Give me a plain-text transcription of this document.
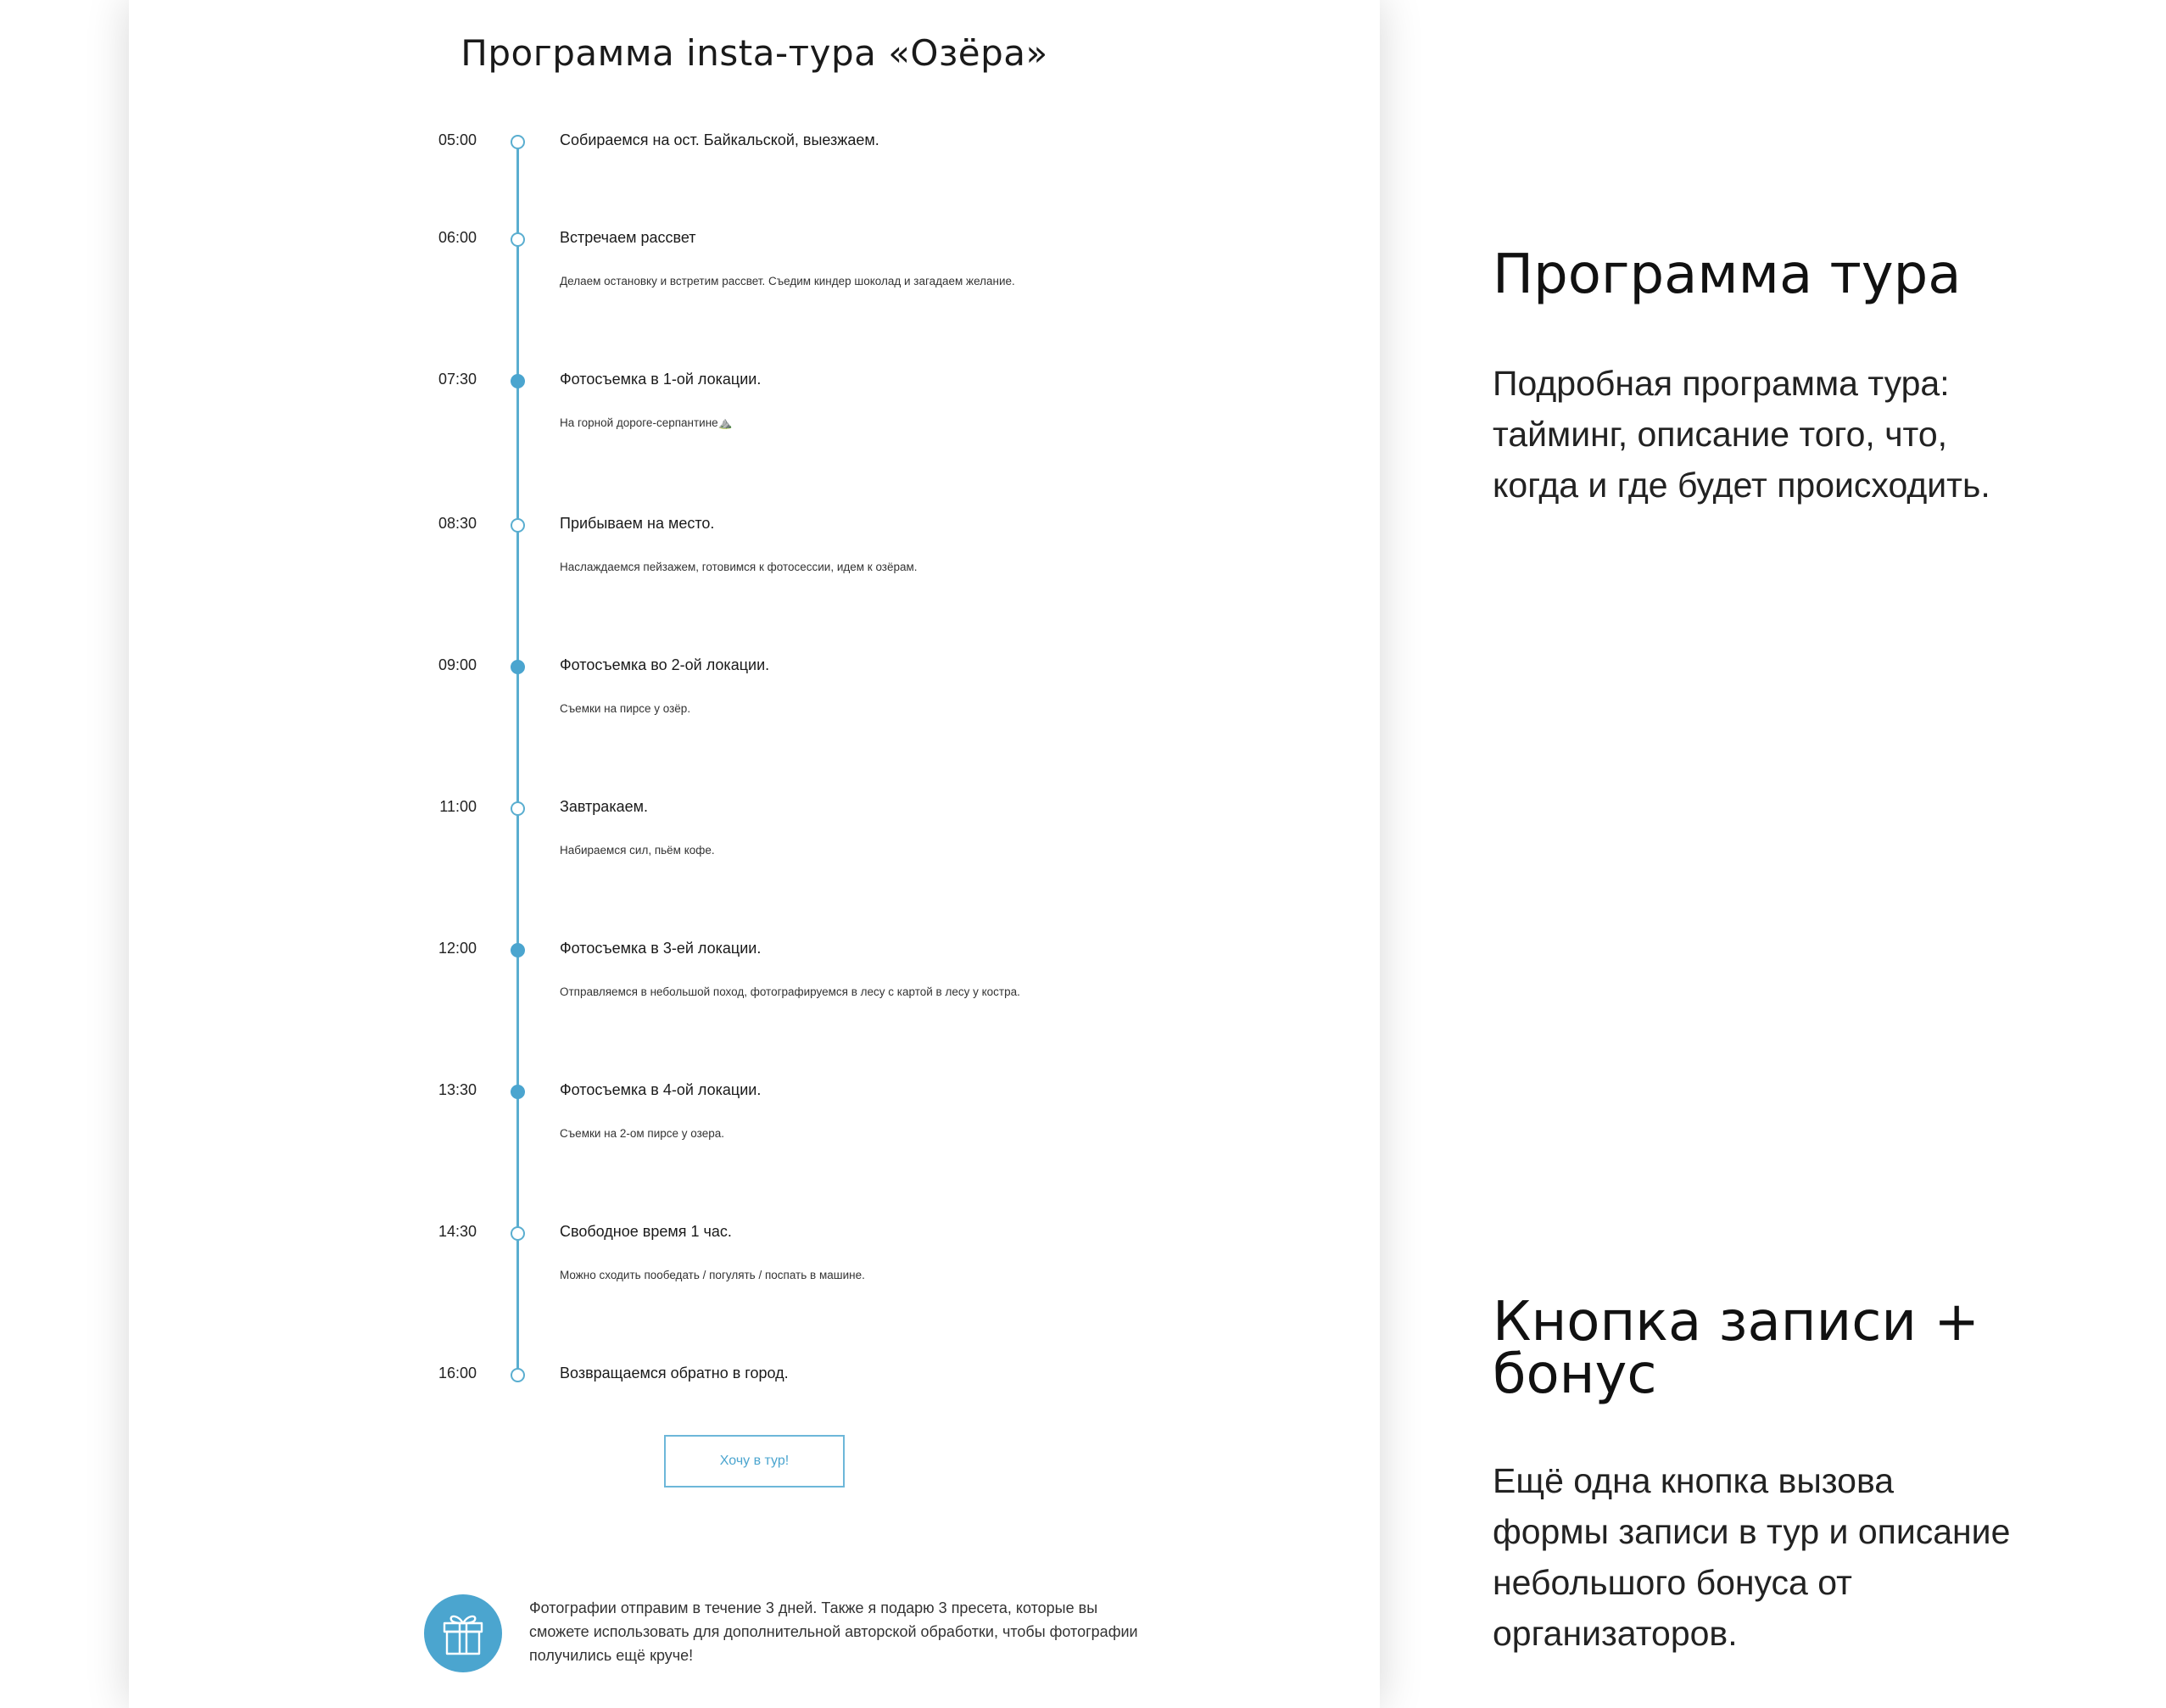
Программа insta-тура «Озёра»
05:00	Собираемся на ост. Байкальской, выезжаем.
06:00	Встречаем рассвет
Делаем остановку и встретим рассвет. Съедим киндер шоколад и загадаем желание.
07:30	Фотосъемка в 1-ой локации.
На горной дороге-серпантине⛰️
08:30	Прибываем на место.
Наслаждаемся пейзажем, готовимся к фотосессии, идем к озёрам.
09:00	Фотосъемка во 2-ой локации.
Съемки на пирсе у озёр.
11:00	Завтракаем.
Набираемся сил, пьём кофе.
12:00	Фотосъемка в 3-ей локации.
Отправляемся в небольшой поход, фотографируемся в лесу с картой в лесу у костра.
13:30	Фотосъемка в 4-ой локации.
Съемки на 2-ом пирсе у озера.
14:30	Свободное время 1 час.
Можно сходить пообедать / погулять / поспать в машине.
16:00	Возвращаемся обратно в город.
Хочу в тур!
Фотографии отправим в течение 3 дней. Также я подарю 3 пресета, которые вы сможете использовать для дополнительной авторской обработки, чтобы фотографии получились ещё круче!
Программа тура

Подробная программа тура: тайминг, описание того, что, когда и где будет происходить.

Кнопка записи + бонус

Ещё одна кнопка вызова формы записи в тур и описание небольшого бонуса от организаторов.
